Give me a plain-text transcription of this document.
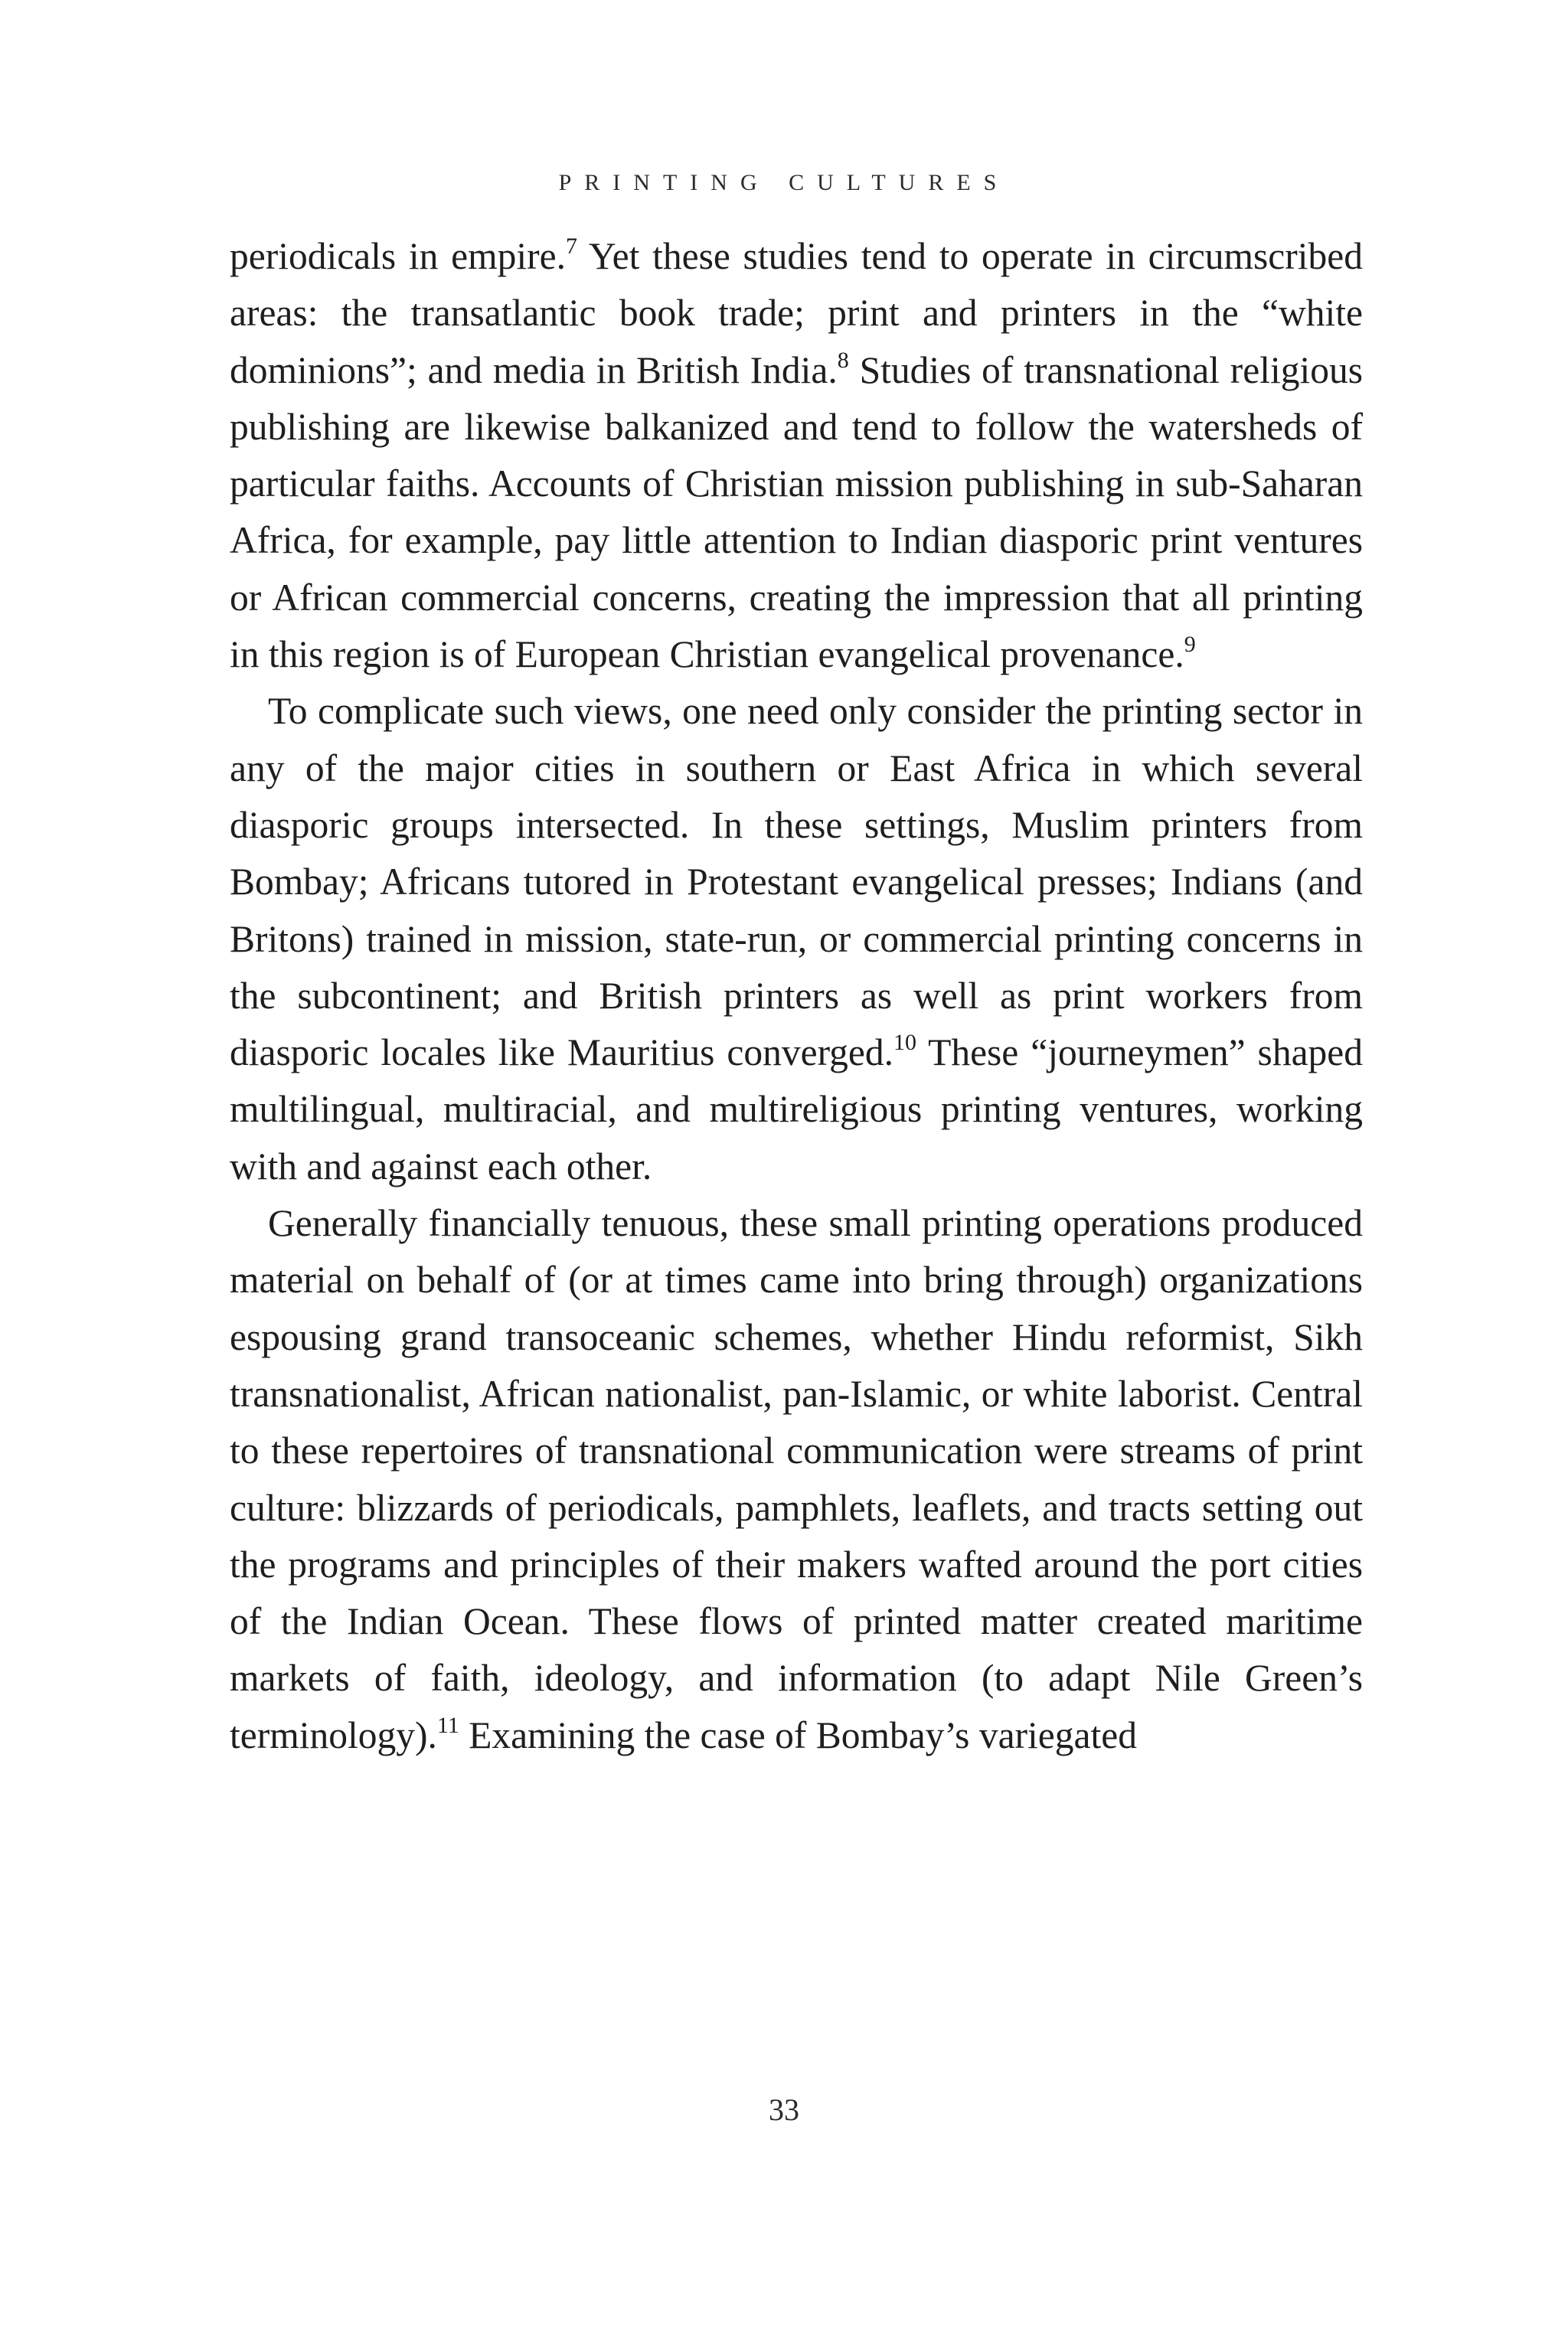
PRINTING CULTURES

periodicals in empire.$^7$ Yet these studies tend to operate in circumscribed areas: the transatlantic book trade; print and printers in the “white dominions”; and media in British India.$^8$ Studies of transnational religious publishing are likewise balkanized and tend to follow the watersheds of particular faiths. Accounts of Christian mission publishing in sub-Saharan Africa, for example, pay little attention to Indian diasporic print ventures or African commercial concerns, creating the impression that all printing in this region is of European Christian evangelical provenance.$^9$

To complicate such views, one need only consider the printing sector in any of the major cities in southern or East Africa in which several diasporic groups intersected. In these settings, Muslim printers from Bombay; Africans tutored in Protestant evangelical presses; Indians (and Britons) trained in mission, state-run, or commercial printing concerns in the subcontinent; and British printers as well as print workers from diasporic locales like Mauritius converged.$^{10}$ These “journeymen” shaped multilingual, multiracial, and multireligious printing ventures, working with and against each other.

Generally financially tenuous, these small printing operations produced material on behalf of (or at times came into bring through) organizations espousing grand transoceanic schemes, whether Hindu reformist, Sikh transnationalist, African nationalist, pan-Islamic, or white laborist. Central to these repertoires of transnational communication were streams of print culture: blizzards of periodicals, pamphlets, leaflets, and tracts setting out the programs and principles of their makers wafted around the port cities of the Indian Ocean. These flows of printed matter created maritime markets of faith, ideology, and information (to adapt Nile Green’s terminology).$^{11}$ Examining the case of Bombay’s variegated

33
